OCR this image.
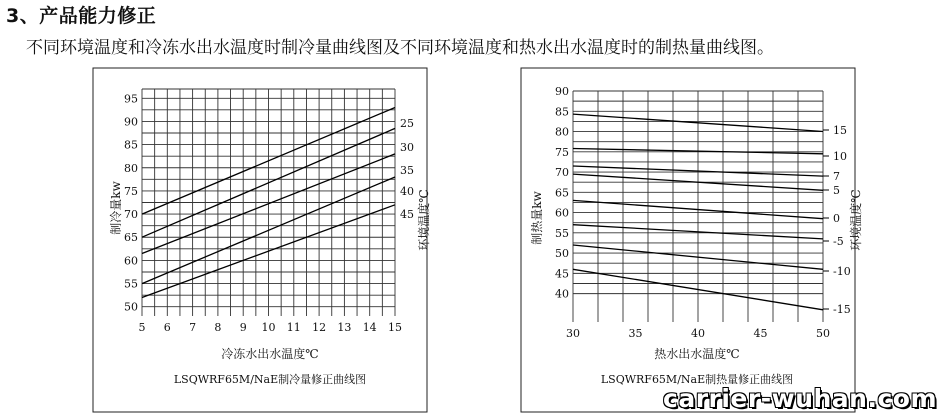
3、产品能力修正
不同环境温度和冷冻水出水温度时制冷量曲线图及不同环境温度和热水出水温度时的制热量曲线图。
5 6 7 8 9 10 11 12 13 14 15
50
55
60
65
70
75
80
85
90
95
25
30
35
40
45
冷冻水出水温度℃
LSQWRF65M/NaE制冷量修正曲线图
制冷量kw	环境温度℃
30	35	40	45	50
40
45
50
55
60
65
70
75
80
85
90
15
10
7
5
0
-5
-10
-15
热水出水温度℃
LSQWRF65M/NaE制热量修正曲线图
制热量kw	环境温度℃
carrier-wuhan.com
